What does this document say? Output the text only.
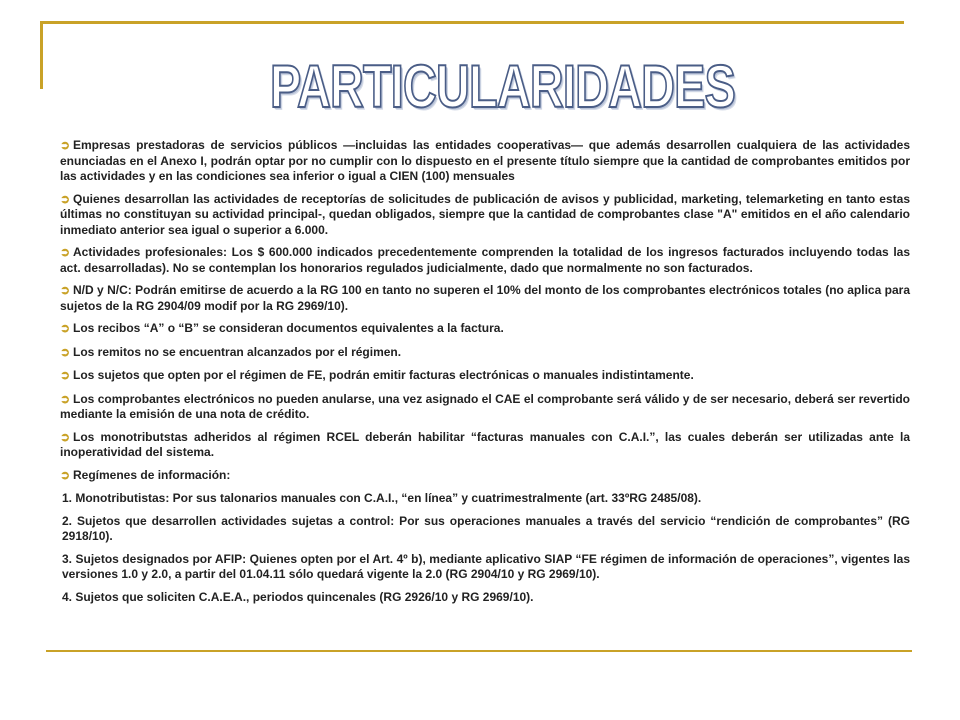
PARTICULARIDADES

➲ Empresas prestadoras de servicios públicos —incluidas las entidades cooperativas— que además desarrollen cualquiera de las actividades enunciadas en el Anexo I, podrán optar por no cumplir con lo dispuesto en el presente título siempre que la cantidad de comprobantes emitidos por las actividades y en las condiciones sea inferior o igual a CIEN (100) mensuales

➲ Quienes desarrollan las actividades de receptorías de solicitudes de publicación de avisos y publicidad, marketing, telemarketing en tanto estas últimas no constituyan su actividad principal-, quedan obligados, siempre que la cantidad de comprobantes clase "A" emitidos en el año calendario inmediato anterior sea igual o superior a 6.000.

➲ Actividades profesionales: Los $ 600.000 indicados precedentemente comprenden la totalidad de los ingresos facturados incluyendo todas las act. desarrolladas). No se contemplan los honorarios regulados judicialmente, dado que normalmente no son facturados.

➲ N/D y N/C: Podrán emitirse de acuerdo a la RG 100 en tanto no superen el 10% del monto de los comprobantes electrónicos totales (no aplica para sujetos de la RG 2904/09 modif por la RG 2969/10).

➲ Los recibos “A” o “B” se consideran documentos equivalentes a la factura.

➲ Los remitos no se encuentran alcanzados por el régimen.

➲ Los sujetos que opten por el régimen de FE, podrán emitir facturas electrónicas o manuales indistintamente.

➲ Los comprobantes electrónicos no pueden anularse, una vez asignado el CAE el comprobante será válido y de ser necesario, deberá ser revertido mediante la emisión de una nota de crédito.

➲ Los monotributstas adheridos al régimen RCEL deberán habilitar “facturas manuales con C.A.I.”, las cuales deberán ser utilizadas ante la inoperatividad del sistema.

➲ Regímenes de información:

1. Monotributistas: Por sus talonarios manuales con C.A.I., “en línea” y cuatrimestralmente (art. 33ºRG 2485/08).

2. Sujetos que desarrollen actividades sujetas a control: Por sus operaciones manuales a través del servicio “rendición de comprobantes” (RG 2918/10).

3. Sujetos designados por AFIP: Quienes opten por el Art. 4º b), mediante aplicativo SIAP “FE régimen de información de operaciones”, vigentes las versiones 1.0 y 2.0, a partir del 01.04.11 sólo quedará vigente la 2.0 (RG 2904/10 y RG 2969/10).

4. Sujetos que soliciten C.A.E.A., periodos quincenales (RG 2926/10 y RG 2969/10).
